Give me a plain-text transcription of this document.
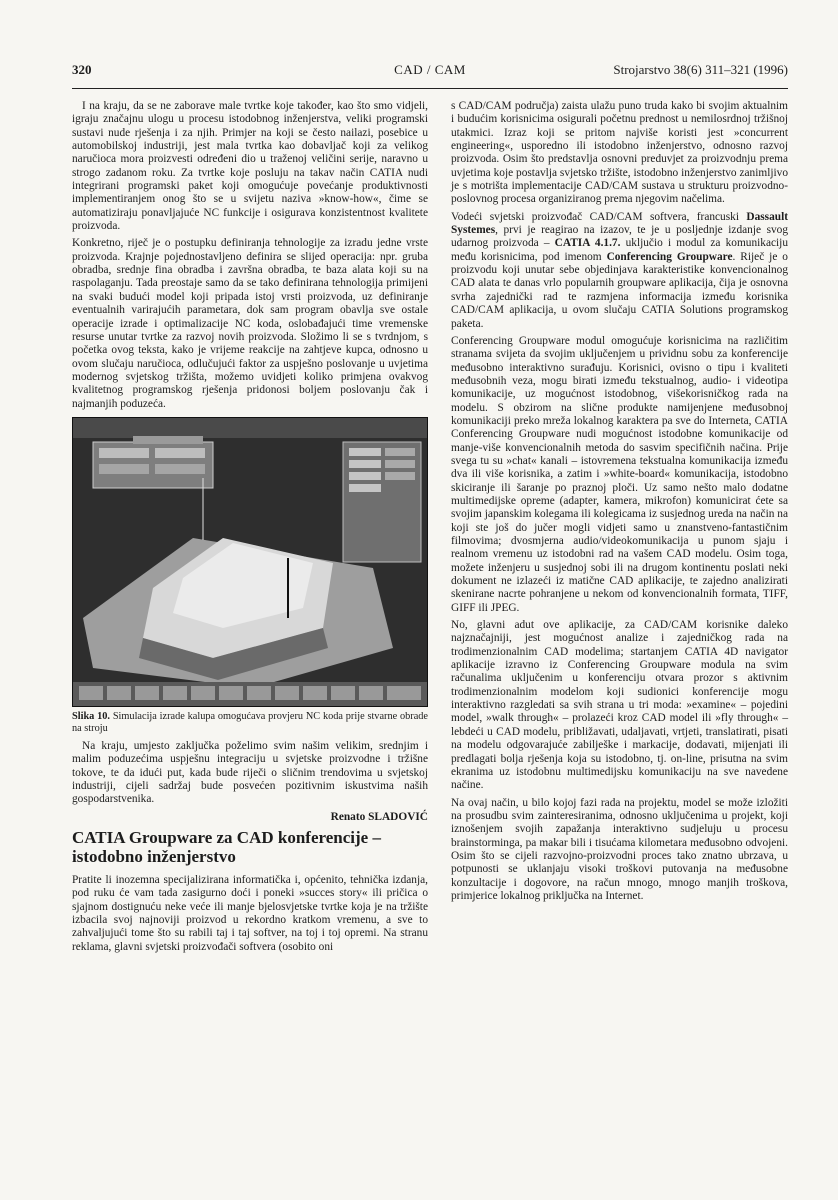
320	CAD / CAM	Strojarstvo 38(6) 311–321 (1996)

I na kraju, da se ne zaborave male tvrtke koje također, kao što smo vidjeli, igraju značajnu ulogu u procesu istodobnog inženjerstva, veliki programski sustavi nude rješenja i za njih. Primjer na koji se često nailazi, posebice u automobilskoj industriji, jest mala tvrtka kao dobavljač koji za velikog naručioca mora proizvesti određeni dio u traženoj veličini serije, naravno u strogo zadanom roku. Za tvrtke koje posluju na takav način CATIA nudi integrirani programski paket koji omogućuje povećanje produktivnosti implementiranjem onog što se u svijetu naziva »know-how«, čime se automatiziraju ponavljajuće NC funkcije i osigurava konzistentnost kvalitete proizvoda.

Konkretno, riječ je o postupku definiranja tehnologije za izradu jedne vrste proizvoda. Krajnje pojednostavljeno definira se slijed operacija: npr. gruba obradba, srednje fina obradba i završna obradba, te baza alata koji su na raspolaganju. Tada preostaje samo da se tako definirana tehnologija primijeni na svaki budući model koji pripada istoj vrsti proizvoda, uz definiranje eventualnih varirajućih parametara, dok sam program obavlja sve ostale operacije izrade i optimalizacije NC koda, oslobađajući time vremenske resurse unutar tvrtke za razvoj novih proizvoda. Složimo li se s tvrdnjom, s početka ovog teksta, kako je vrijeme reakcije na zahtjeve kupca, odnosno u ovom slučaju naručioca, odlučujući faktor za uspješno poslovanje u uvjetima modernog svjetskog tržišta, možemo uvidjeti koliko primjena ovakvog kvalitetnog programskog rješenja pridonosi boljem poslovanju čak i najmanjih poduzeća.

Slika 10. Simulacija izrade kalupa omogućava provjeru NC koda prije stvarne obrade na stroju

Na kraju, umjesto zaključka poželimo svim našim velikim, srednjim i malim poduzećima uspješnu integraciju u svjetske proizvodne i tržišne tokove, te da idući put, kada bude riječi o sličnim trendovima u svjetskoj industriji, cijeli sadržaj bude posvećen pozitivnim iskustvima naših gospodarstvenika.

Renato SLADOVIĆ

CATIA Groupware za CAD konferencije – istodobno inženjerstvo

Pratite li inozemna specijalizirana informatička i, općenito, tehnička izdanja, pod ruku će vam tada zasigurno doći i poneki »succes story« ili pričica o sjajnom dostignuću neke veće ili manje bjelosvjetske tvrtke koja je na tržište izbacila svoj najnoviji proizvod u rekordno kratkom vremenu, a sve to zahvaljujući tome što su rabili taj i taj softver, na toj i toj opremi. Na stranu reklama, glavni svjetski proizvođači softvera (osobito oni

s CAD/CAM područja) zaista ulažu puno truda kako bi svojim aktualnim i budućim korisnicima osigurali početnu prednost u nemilosrdnoj tržišnoj utakmici. Izraz koji se pritom najviše koristi jest »concurrent engineering«, usporedno ili istodobno inženjerstvo, odnosno razvoj proizvoda. Osim što predstavlja osnovni preduvjet za proizvodnju prema uvjetima koje postavlja svjetsko tržište, istodobno inženjerstvo zanimljivo je s motrišta implementacije CAD/CAM sustava u strukturu proizvodno-poslovnog procesa organiziranog prema njegovim načelima.

Vodeći svjetski proizvođač CAD/CAM softvera, francuski Dassault Systemes, prvi je reagirao na izazov, te je u posljednje izdanje svog udarnog proizvoda – CATIA 4.1.7. uključio i modul za komunikaciju među korisnicima, pod imenom Conferencing Groupware. Riječ je o proizvodu koji unutar sebe objedinjava karakteristike konvencionalnog CAD alata te danas vrlo popularnih groupware aplikacija, čija je osnovna svrha zajednički rad te razmjena informacija između korisnika CAD/CAM aplikacija, u ovom slučaju CATIA Solutions programskog paketa.

Conferencing Groupware modul omogućuje korisnicima na različitim stranama svijeta da svojim uključenjem u prividnu sobu za konferencije međusobno interaktivno surađuju. Korisnici, ovisno o tipu i kvaliteti međusobnih veza, mogu birati između tekstualnog, audio- i videotipa komunikacije, uz mogućnost istodobnog, višekorisničkog rada na modelu. S obzirom na slične produkte namijenjene međusobnoj komunikaciji preko mreža lokalnog karaktera pa sve do Interneta, CATIA Conferencing Groupware nudi mogućnost istodobne komunikacije od manje-više konvencionalnih metoda do sasvim specifičnih načina. Prije svega tu su »chat« kanali – istovremena tekstualna komunikacija između dva ili više korisnika, a zatim i »white-board« komunikacija, istodobno skiciranje ili šaranje po praznoj ploči. Uz samo nešto malo dodatne multimedijske opreme (adapter, kamera, mikrofon) komunicirat ćete sa svojim japanskim kolegama ili kolegicama iz susjednog ureda na način na koji ste još do jučer mogli vidjeti samo u znanstveno-fantastičnim filmovima; dvosmjerna audio/videokomunikacija u punom sjaju i realnom vremenu uz istodobni rad na vašem CAD modelu. Osim toga, možete inženjeru u susjednoj sobi ili na drugom kontinentu poslati neki dokument ne izlazeći iz matične CAD aplikacije, te zajedno analizirati skenirane nacrte pohranjene u nekom od konvencionalnih formata, TIFF, GIFF ili JPEG.

No, glavni adut ove aplikacije, za CAD/CAM korisnike daleko najznačajniji, jest mogućnost analize i zajedničkog rada na trodimenzionalnim CAD modelima; startanjem CATIA 4D navigator aplikacije izravno iz Conferencing Groupware modula na svim računalima uključenim u konferenciju otvara prozor s aktivnim trodimenzionalnim modelom koji sudionici konferencije mogu interaktivno razgledati sa svih strana u tri moda: »examine« – pojedini model, »walk through« – prolazeći kroz CAD model ili »fly through« – lebdeći u CAD modelu, približavati, udaljavati, vrtjeti, translatirati, pisati na modelu odgovarajuće zabilješke i markacije, dodavati, mijenjati ili predlagati bolja rješenja koja su istodobno, tj. on-line, prisutna na svim ekranima uz istodobnu multimedijsku komunikaciju na sve navedene načine.

Na ovaj način, u bilo kojoj fazi rada na projektu, model se može izložiti na prosudbu svim zainteresiranima, odnosno uključenima u projekt, koji iznošenjem svojih zapažanja interaktivno sudjeluju u procesu brainstorminga, pa makar bili i tisućama kilometara međusobno odvojeni. Osim što se cijeli razvojno-proizvodni proces tako znatno ubrzava, u potpunosti se uklanjaju visoki troškovi putovanja na međusobne konzultacije i dogovore, na račun mnogo, mnogo manjih troškova, primjerice lokalnog priključka na Internet.
